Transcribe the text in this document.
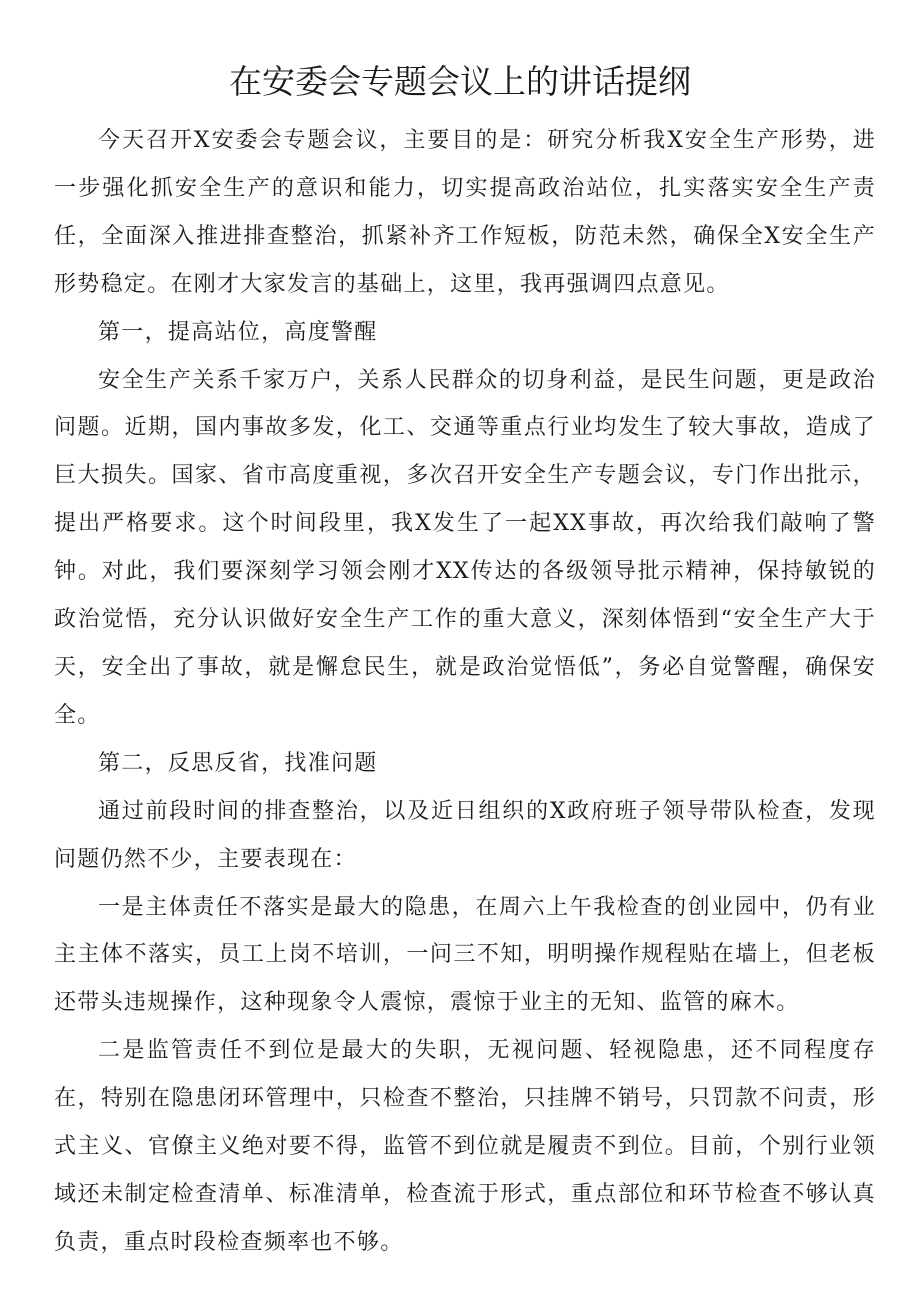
在安委会专题会议上的讲话提纲

今天召开X安委会专题会议，主要目的是：研究分析我X安全生产形势，进一步强化抓安全生产的意识和能力，切实提高政治站位，扎实落实安全生产责任，全面深入推进排查整治，抓紧补齐工作短板，防范未然，确保全X安全生产形势稳定。在刚才大家发言的基础上，这里，我再强调四点意见。

第一，提高站位，高度警醒

安全生产关系千家万户，关系人民群众的切身利益，是民生问题，更是政治问题。近期，国内事故多发，化工、交通等重点行业均发生了较大事故，造成了巨大损失。国家、省市高度重视，多次召开安全生产专题会议，专门作出批示，提出严格要求。这个时间段里，我X发生了一起XX事故，再次给我们敲响了警钟。对此，我们要深刻学习领会刚才XX传达的各级领导批示精神，保持敏锐的政治觉悟，充分认识做好安全生产工作的重大意义，深刻体悟到“安全生产大于天，安全出了事故，就是懈怠民生，就是政治觉悟低”，务必自觉警醒，确保安全。

第二，反思反省，找准问题

通过前段时间的排查整治，以及近日组织的X政府班子领导带队检查，发现问题仍然不少，主要表现在：

一是主体责任不落实是最大的隐患，在周六上午我检查的创业园中，仍有业主主体不落实，员工上岗不培训，一问三不知，明明操作规程贴在墙上，但老板还带头违规操作，这种现象令人震惊，震惊于业主的无知、监管的麻木。

二是监管责任不到位是最大的失职，无视问题、轻视隐患，还不同程度存在，特别在隐患闭环管理中，只检查不整治，只挂牌不销号，只罚款不问责，形式主义、官僚主义绝对要不得，监管不到位就是履责不到位。目前，个别行业领域还未制定检查清单、标准清单，检查流于形式，重点部位和环节检查不够认真负责，重点时段检查频率也不够。
